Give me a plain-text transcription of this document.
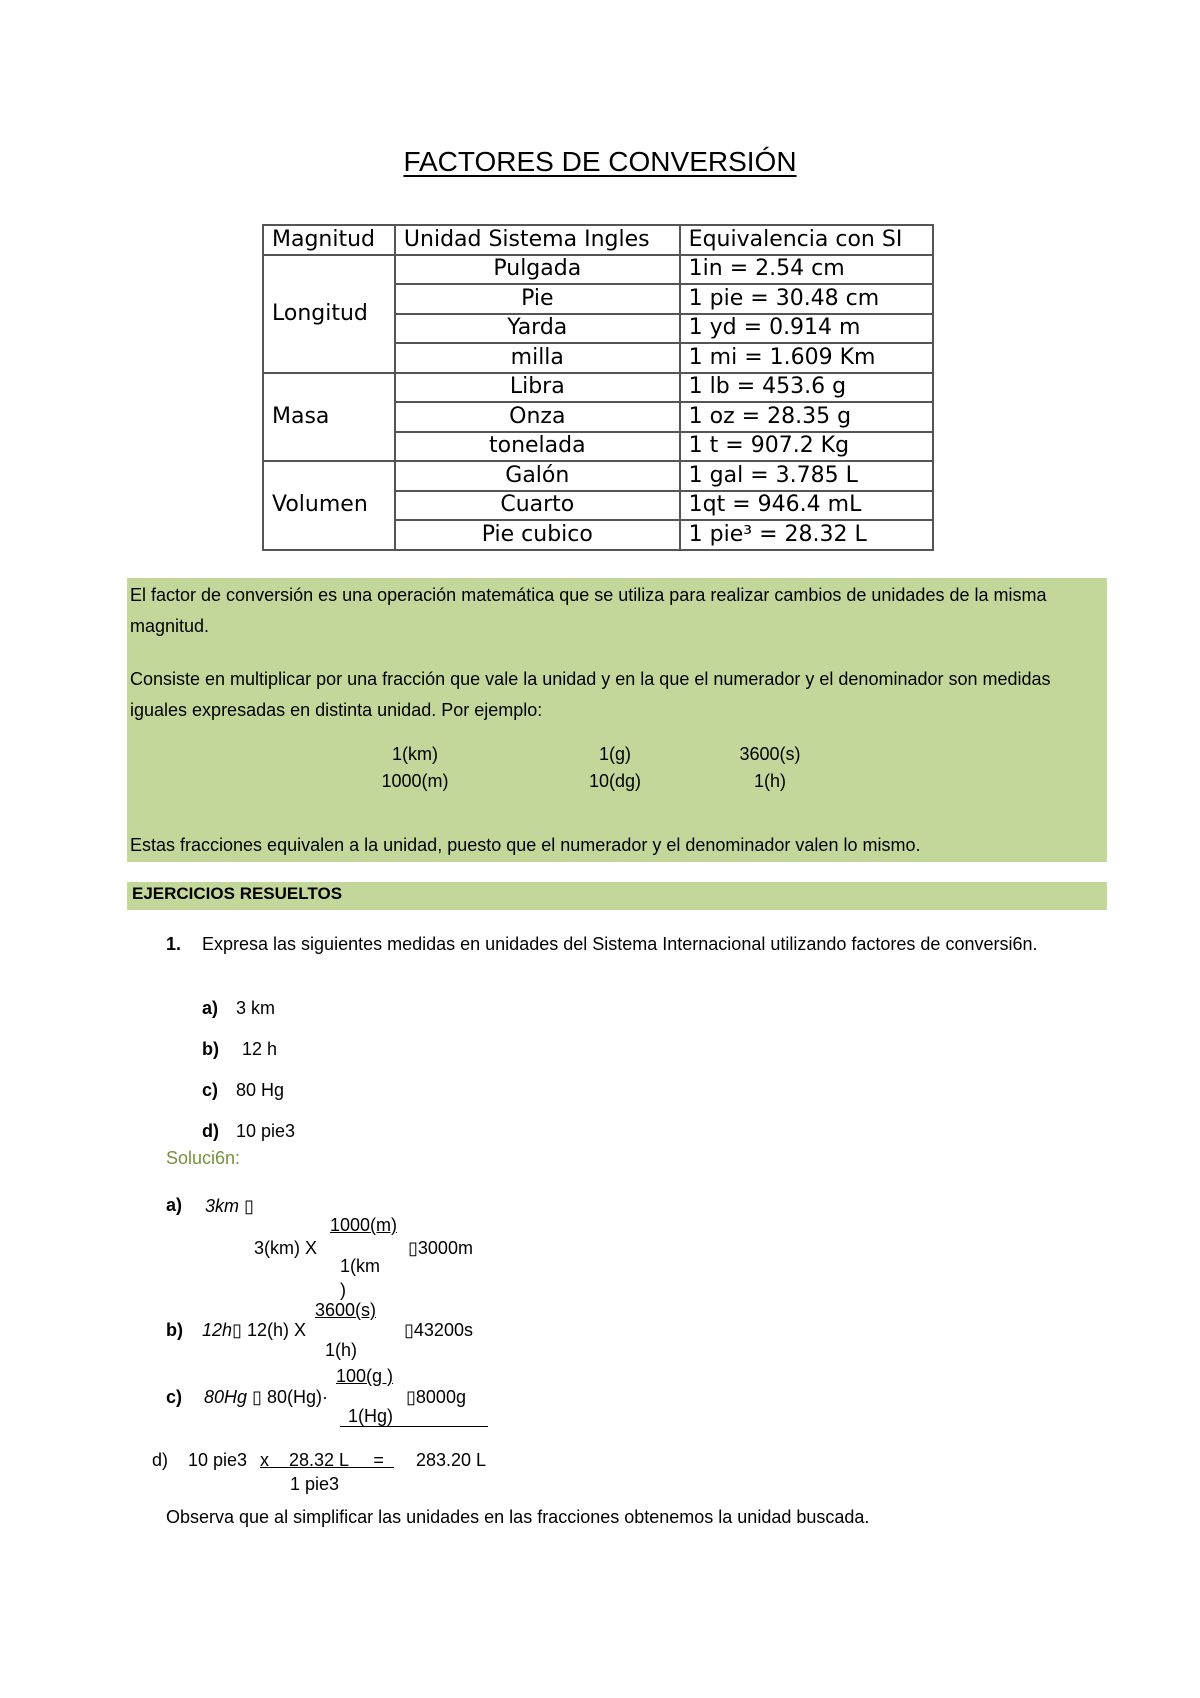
FACTORES DE CONVERSIÓN
Magnitud	Unidad Sistema Ingles	Equivalencia con SI
Longitud	Pulgada	1in = 2.54 cm
	Pie	1 pie = 30.48 cm
	Yarda	1 yd = 0.914 m
	milla	1 mi = 1.609 Km
Masa	Libra	1 lb = 453.6 g
	Onza	1 oz = 28.35 g
	tonelada	1 t = 907.2 Kg
Volumen	Galón	1 gal = 3.785 L
	Cuarto	1qt = 946.4 mL
	Pie cubico	1 pie³ = 28.32 L
El factor de conversión es una operación matemática que se utiliza para realizar cambios de unidades de la misma magnitud.
Consiste en multiplicar por una fracción que vale la unidad y en la que el numerador y el denominador son medidas iguales expresadas en distinta unidad. Por ejemplo:
1(km)
1000(m)
1(g)
10(dg)
3600(s)
1(h)
Estas fracciones equivalen a la unidad, puesto que el numerador y el denominador valen lo mismo.
EJERCICIOS RESUELTOS
1. Expresa las siguientes medidas en unidades del Sistema Internacional utilizando factores de conversi6n.
a) 3 km
b) 12 h
c) 80 Hg
d) 10 pie3
Soluci6n:
a) 3km ▯
3(km) X
1000(m)
1(km
)
▯3000m
b) 12h▯ 12(h) X
3600(s)
1(h)
▯43200s
c) 80Hg ▯ 80(Hg)·
100(g )
1(Hg)
▯8000g
d) 10 pie3 x 28.32 L =	283.20 L
1 pie3
Observa que al simplificar las unidades en las fracciones obtenemos la unidad buscada.
